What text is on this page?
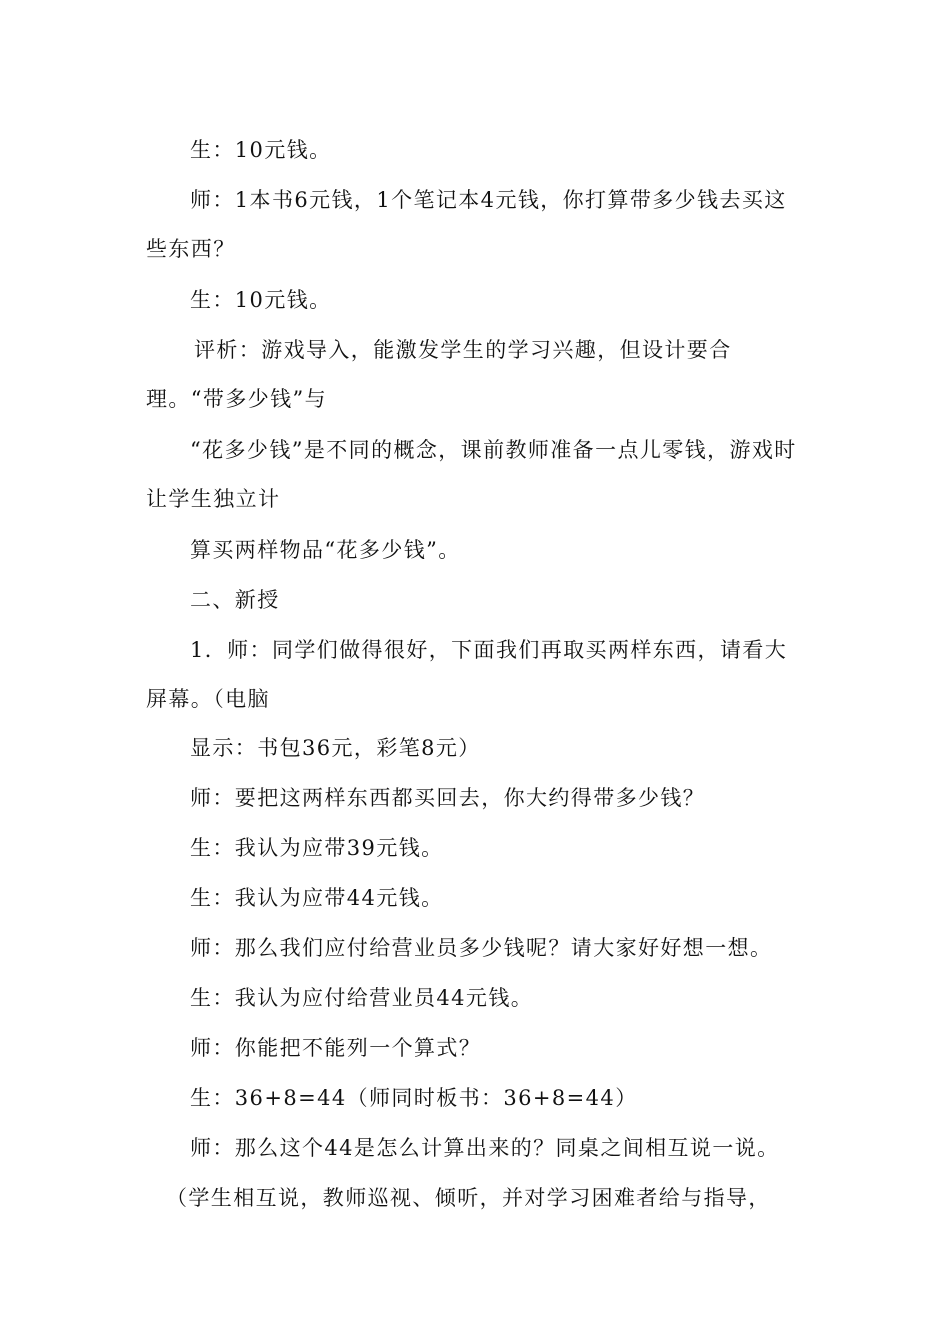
生：10元钱。

师：1本书6元钱，1个笔记本4元钱，你打算带多少钱去买这些东西？

生：10元钱。

评析：游戏导入，能激发学生的学习兴趣，但设计要合理。“带多少钱”与

“花多少钱”是不同的概念，课前教师准备一点儿零钱，游戏时让学生独立计

算买两样物品“花多少钱”。

二、新授

1．师：同学们做得很好，下面我们再取买两样东西，请看大屏幕。（电脑

显示：书包36元，彩笔8元）

师：要把这两样东西都买回去，你大约得带多少钱？

生：我认为应带39元钱。

生：我认为应带44元钱。

师：那么我们应付给营业员多少钱呢？请大家好好想一想。

生：我认为应付给营业员44元钱。

师：你能把不能列一个算式？

生：36+8=44（师同时板书：36+8=44）

师：那么这个44是怎么计算出来的？同桌之间相互说一说。

（学生相互说，教师巡视、倾听，并对学习困难者给与指导，
